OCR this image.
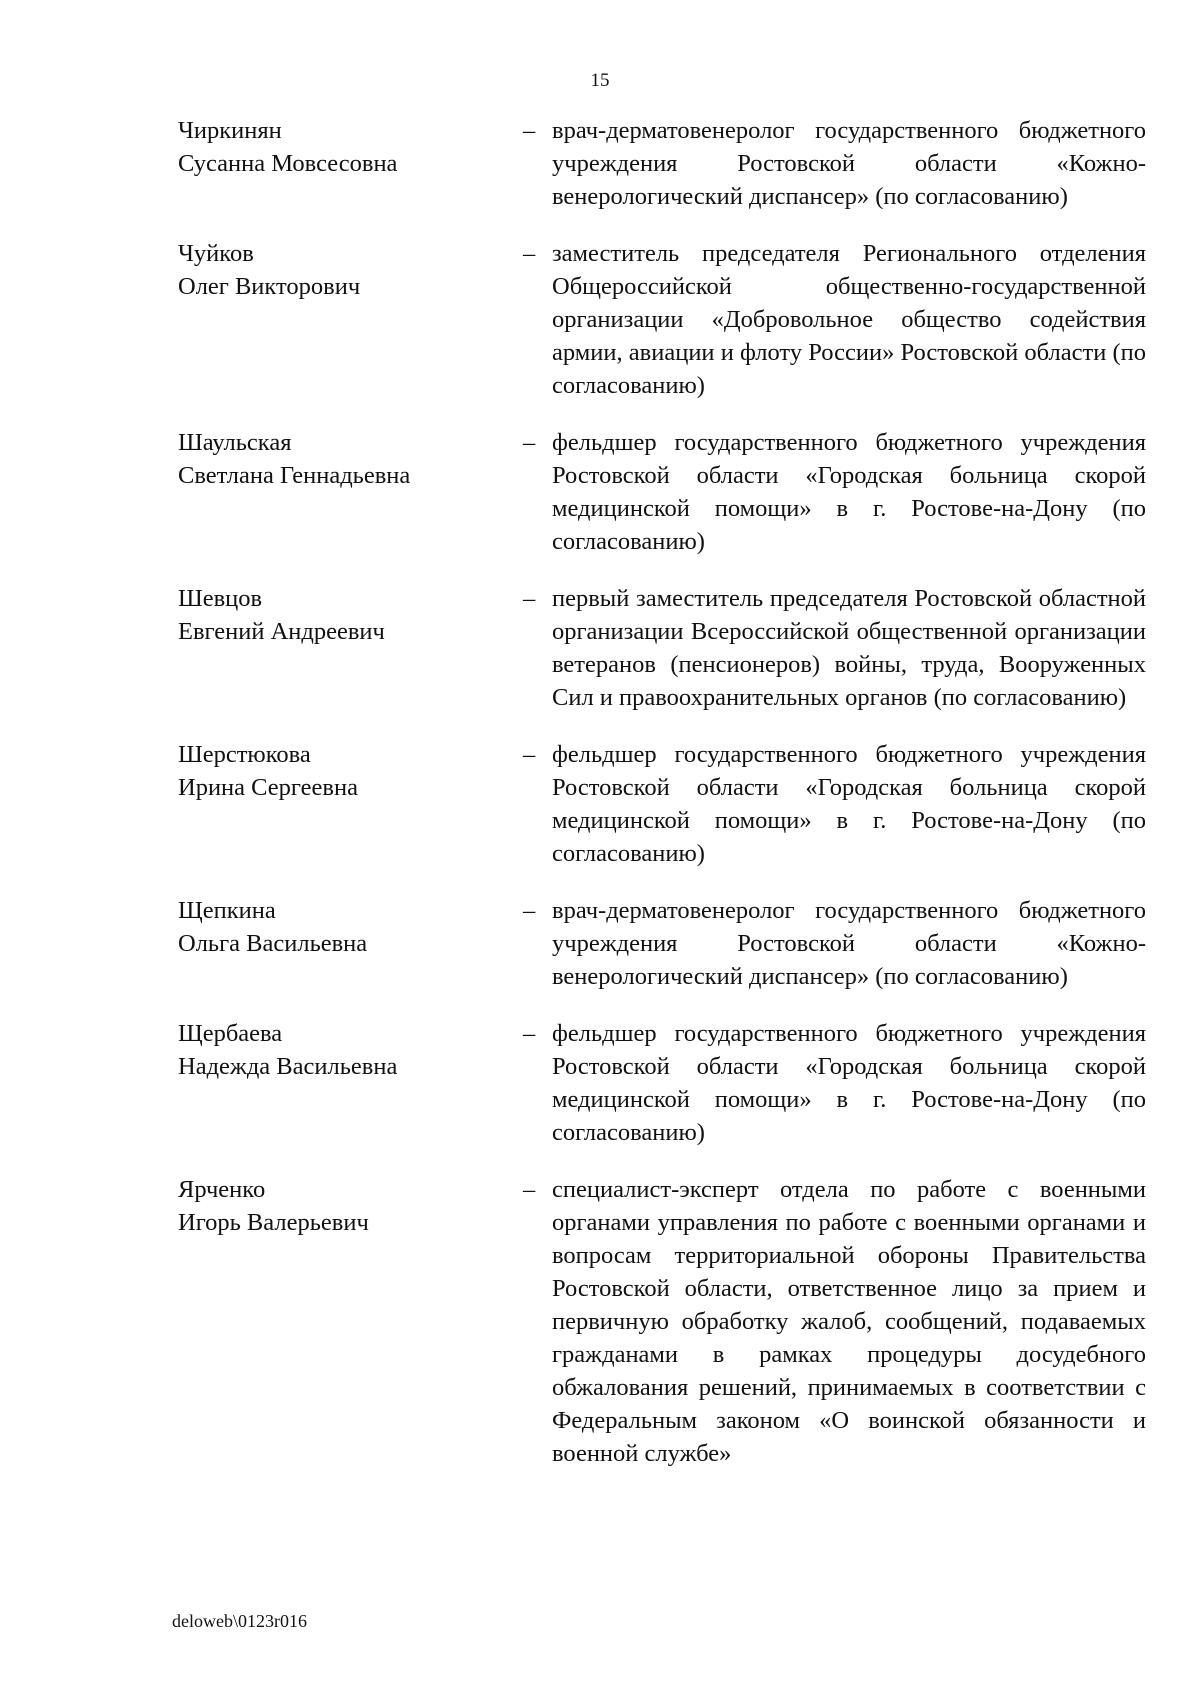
15
Чиркинян
Сусанна Мовсесовна
– врач-дерматовенеролог государственного бюджетного учреждения Ростовской области «Кожно-венерологический диспансер» (по согласованию)
Чуйков
Олег Викторович
– заместитель председателя Регионального отделения Общероссийской общественно-государственной организации «Добровольное общество содействия армии, авиации и флоту России» Ростовской области (по согласованию)
Шаульская
Светлана Геннадьевна
– фельдшер государственного бюджетного учреждения Ростовской области «Городская больница скорой медицинской помощи» в г. Ростове-на-Дону (по согласованию)
Шевцов
Евгений Андреевич
– первый заместитель председателя Ростовской областной организации Всероссийской общественной организации ветеранов (пенсионеров) войны, труда, Вооруженных Сил и правоохранительных органов (по согласованию)
Шерстюкова
Ирина Сергеевна
– фельдшер государственного бюджетного учреждения Ростовской области «Городская больница скорой медицинской помощи» в г. Ростове-на-Дону (по согласованию)
Щепкина
Ольга Васильевна
– врач-дерматовенеролог государственного бюджетного учреждения Ростовской области «Кожно-венерологический диспансер» (по согласованию)
Щербаева
Надежда Васильевна
– фельдшер государственного бюджетного учреждения Ростовской области «Городская больница скорой медицинской помощи» в г. Ростове-на-Дону (по согласованию)
Ярченко
Игорь Валерьевич
– специалист-эксперт отдела по работе с военными органами управления по работе с военными органами и вопросам территориальной обороны Правительства Ростовской области, ответственное лицо за прием и первичную обработку жалоб, сообщений, подаваемых гражданами в рамках процедуры досудебного обжалования решений, принимаемых в соответствии с Федеральным законом «О воинской обязанности и военной службе»
deloweb\0123r016
